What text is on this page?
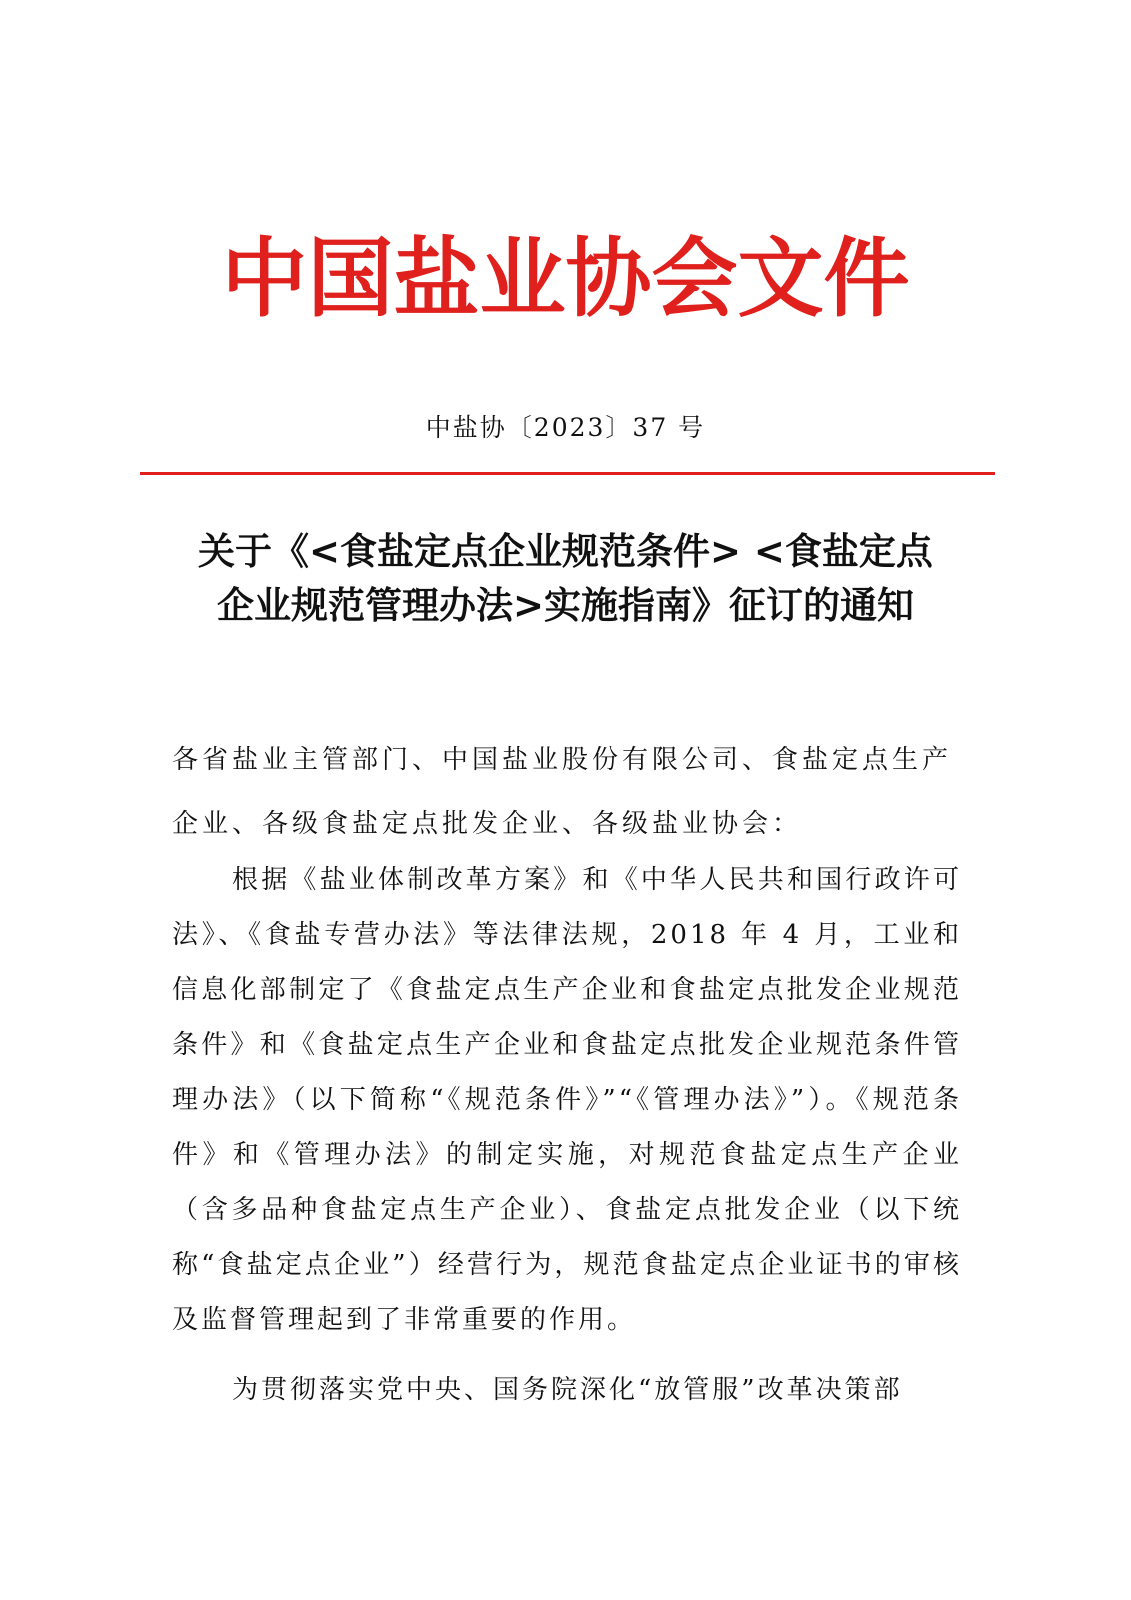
中国盐业协会文件
中盐协〔2023〕37 号
关于《<食盐定点企业规范条件> <食盐定点
企业规范管理办法>实施指南》征订的通知
各省盐业主管部门、中国盐业股份有限公司、食盐定点生产企业、各级食盐定点批发企业、各级盐业协会：
根据《盐业体制改革方案》和《中华人民共和国行政许可法》、《食盐专营办法》等法律法规，2018 年 4 月，工业和信息化部制定了《食盐定点生产企业和食盐定点批发企业规范条件》和《食盐定点生产企业和食盐定点批发企业规范条件管理办法》（以下简称“《规范条件》”“《管理办法》”）。《规范条件》和《管理办法》的制定实施，对规范食盐定点生产企业（含多品种食盐定点生产企业）、食盐定点批发企业（以下统称“食盐定点企业”）经营行为，规范食盐定点企业证书的审核及监督管理起到了非常重要的作用。
为贯彻落实党中央、国务院深化“放管服”改革决策部
